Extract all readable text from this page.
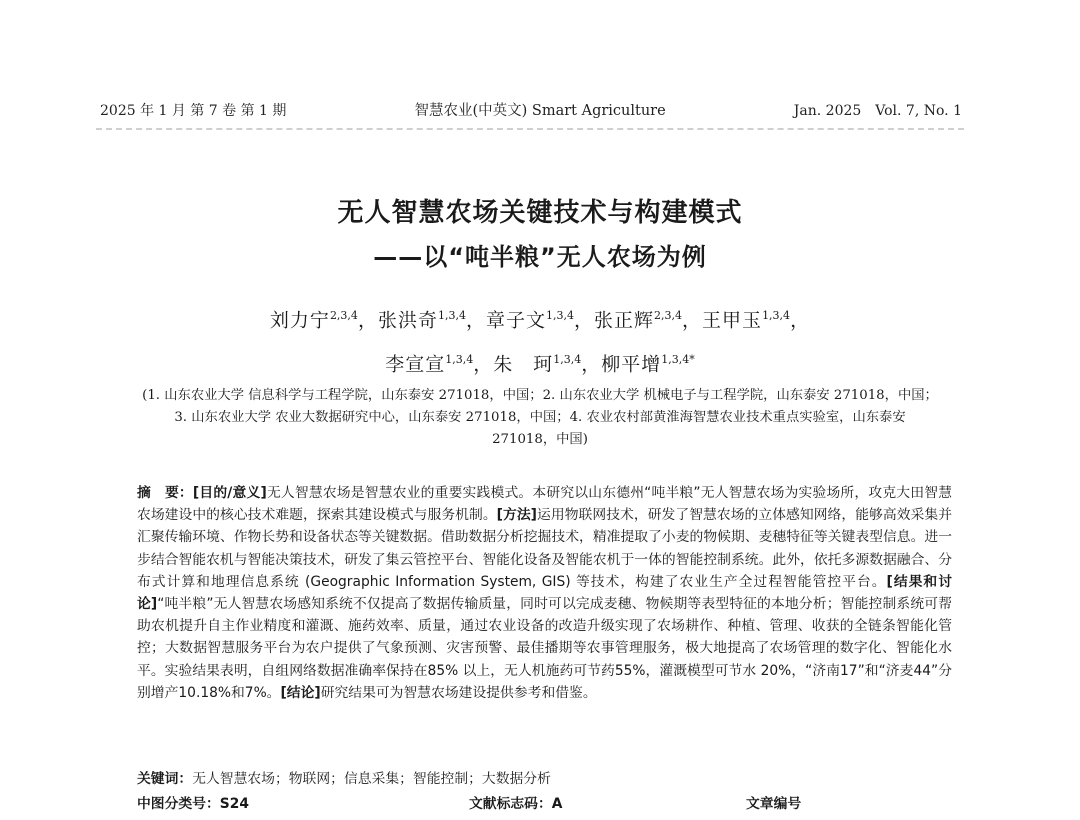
2025 年 1 月 第 7 卷 第 1 期	智慧农业(中英文) Smart Agriculture	Jan. 2025 Vol. 7, No. 1
无人智慧农场关键技术与构建模式
——以“吨半粮”无人农场为例
刘力宁$^{2,3,4}$，张洪奇$^{1,3,4}$，章子文$^{1,3,4}$，张正辉$^{2,3,4}$，王甲玉$^{1,3,4}$，
李宣宣$^{1,3,4}$，朱　珂$^{1,3,4}$，柳平增$^{1,3,4*}$
(1. 山东农业大学 信息科学与工程学院，山东泰安 271018，中国；2. 山东农业大学 机械电子与工程学院，山东泰安 271018，中国；3. 山东农业大学 农业大数据研究中心，山东泰安 271018，中国；4. 农业农村部黄淮海智慧农业技术重点实验室，山东泰安 271018，中国)
摘　要：[目的/意义]无人智慧农场是智慧农业的重要实践模式。本研究以山东德州“吨半粮”无人智慧农场为实验场所，攻克大田智慧农场建设中的核心技术难题，探索其建设模式与服务机制。[方法]运用物联网技术，研发了智慧农场的立体感知网络，能够高效采集并汇聚传输环境、作物长势和设备状态等关键数据。借助数据分析挖掘技术，精准提取了小麦的物候期、麦穗特征等关键表型信息。进一步结合智能农机与智能决策技术，研发了集云管控平台、智能化设备及智能农机于一体的智能控制系统。此外，依托多源数据融合、分布式计算和地理信息系统 (Geographic Information System, GIS) 等技术，构建了农业生产全过程智能管控平台。[结果和讨论]“吨半粮”无人智慧农场感知系统不仅提高了数据传输质量，同时可以完成麦穗、物候期等表型特征的本地分析；智能控制系统可帮助农机提升自主作业精度和灌溉、施药效率、质量，通过农业设备的改造升级实现了农场耕作、种植、管理、收获的全链条智能化管控；大数据智慧服务平台为农户提供了气象预测、灾害预警、最佳播期等农事管理服务，极大地提高了农场管理的数字化、智能化水平。实验结果表明，自组网络数据准确率保持在85% 以上，无人机施药可节药55%，灌溉模型可节水 20%，“济南17”和“济麦44”分别增产10.18%和7%。[结论]研究结果可为智慧农场建设提供参考和借鉴。
关键词：无人智慧农场；物联网；信息采集；智能控制；大数据分析
中图分类号：S24	文献标志码：A	文章编号
